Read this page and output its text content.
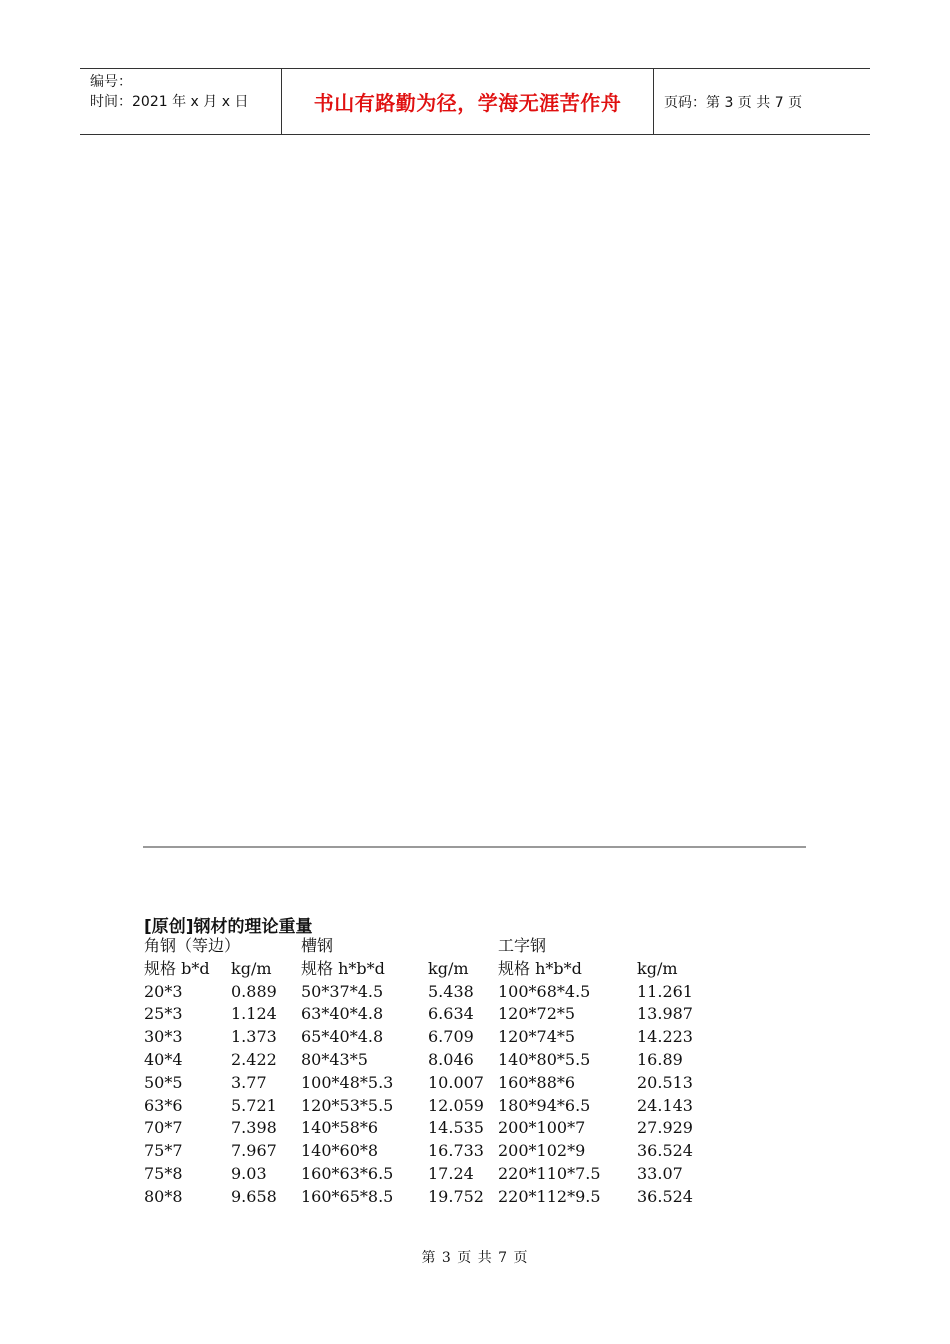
编号：
时间：2021 年 x 月 x 日	书山有路勤为径，学海无涯苦作舟	页码：第 3 页 共 7 页
[原创]钢材的理论重量
角钢（等边）	槽钢	工字钢
规格 b*d kg/m 规格 h*b*d	kg/m 规格 h*b*d	kg/m
20*3	0.889 50*37*4.5	5.438 100*68*4.5	11.261
25*3	1.124 63*40*4.8	6.634 120*72*5	13.987
30*3	1.373 65*40*4.8	6.709 120*74*5	14.223
40*4	2.422 80*43*5	8.046 140*80*5.5	16.89
50*5	3.77 100*48*5.3 10.007 160*88*6	20.513
63*6	5.721 120*53*5.5 12.059 180*94*6.5	24.143
70*7	7.398 140*58*6	14.535 200*100*7	27.929
75*7	7.967 140*60*8	16.733 200*102*9	36.524
75*8	9.03 160*63*6.5 17.24 220*110*7.5 33.07
80*8	9.658 160*65*8.5 19.752 220*112*9.5 36.524
第 3 页 共 7 页
